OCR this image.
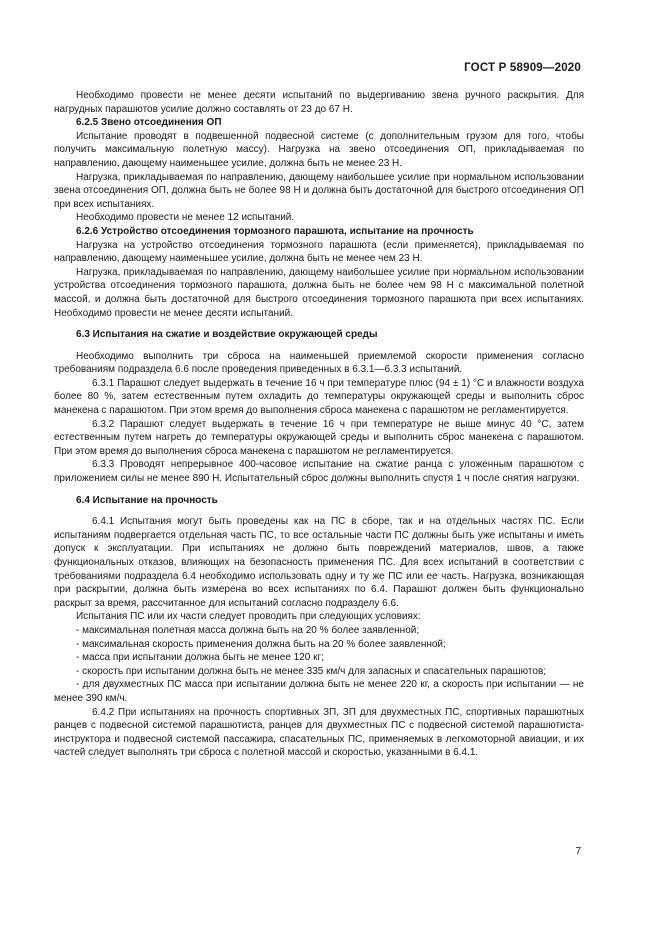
ГОСТ Р 58909—2020

Необходимо провести не менее десяти испытаний по выдергиванию звена ручного раскрытия. Для нагрудных парашютов усилие должно составлять от 23 до 67 Н.

6.2.5 Звено отсоединения ОП

Испытание проводят в подвешенной подвесной системе (с дополнительным грузом для того, чтобы получить максимальную полетную массу). Нагрузка на звено отсоединения ОП, прикладываемая по направлению, дающему наименьшее усилие, должна быть не менее 23 Н.

Нагрузка, прикладываемая по направлению, дающему наибольшее усилие при нормальном использовании звена отсоединения ОП, должна быть не более 98 Н и должна быть достаточной для быстрого отсоединения ОП при всех испытаниях.

Необходимо провести не менее 12 испытаний.

6.2.6 Устройство отсоединения тормозного парашюта, испытание на прочность

Нагрузка на устройство отсоединения тормозного парашюта (если применяется), прикладываемая по направлению, дающему наименьшее усилие, должна быть не менее чем 23 Н.

Нагрузка, прикладываемая по направлению, дающему наибольшее усилие при нормальном использовании устройства отсоединения тормозного парашюта, должна быть не более чем 98 Н с максимальной полетной массой, и должна быть достаточной для быстрого отсоединения тормозного парашюта при всех испытаниях. Необходимо провести не менее десяти испытаний.

6.3 Испытания на сжатие и воздействие окружающей среды

Необходимо выполнить три сброса на наименьшей приемлемой скорости применения согласно требованиям подраздела 6.6 после проведения приведенных в 6.3.1—6.3.3 испытаний.

6.3.1 Парашют следует выдержать в течение 16 ч при температуре плюс (94 ± 1) °С и влажности воздуха более 80 %, затем естественным путем охладить до температуры окружающей среды и выполнить сброс манекена с парашютом. При этом время до выполнения сброса манекена с парашютом не регламентируется.

6.3.2 Парашют следует выдержать в течение 16 ч при температуре не выше минус 40 °С, затем естественным путем нагреть до температуры окружающей среды и выполнить сброс манекена с парашютом. При этом время до выполнения сброса манекена с парашютом не регламентируется.

6.3.3 Проводят непрерывное 400-часовое испытание на сжатие ранца с уложенным парашютом с приложением силы не менее 890 Н. Испытательный сброс должны выполнить спустя 1 ч после снятия нагрузки.

6.4 Испытание на прочность

6.4.1 Испытания могут быть проведены как на ПС в сборе, так и на отдельных частях ПС. Если испытаниям подвергается отдельная часть ПС, то все остальные части ПС должны быть уже испытаны и иметь допуск к эксплуатации. При испытаниях не должно быть повреждений материалов, швов, а также функциональных отказов, влияющих на безопасность применения ПС. Для всех испытаний в соответствии с требованиями подраздела 6.4 необходимо использовать одну и ту же ПС или ее часть. Нагрузка, возникающая при раскрытии, должна быть измерена во всех испытаниях по 6.4. Парашют должен быть функционально раскрыт за время, рассчитанное для испытаний согласно подразделу 6.6.

Испытания ПС или их части следует проводить при следующих условиях:

- максимальная полетная масса должна быть на 20 % более заявленной;

- максимальная скорость применения должна быть на 20 % более заявленной;

- масса при испытании должна быть не менее 120 кг;

- скорость при испытании должна быть не менее 335 км/ч для запасных и спасательных парашютов;

- для двухместных ПС масса при испытании должна быть не менее 220 кг, а скорость при испытании — не менее 390 км/ч.

6.4.2 При испытаниях на прочность спортивных ЗП, ЗП для двухместных ПС, спортивных парашютных ранцев с подвесной системой парашютиста, ранцев для двухместных ПС с подвесной системой парашютиста-инструктора и подвесной системой пассажира, спасательных ПС, применяемых в легкомоторной авиации, и их частей следует выполнять три сброса с полетной массой и скоростью, указанными в 6.4.1.

7
